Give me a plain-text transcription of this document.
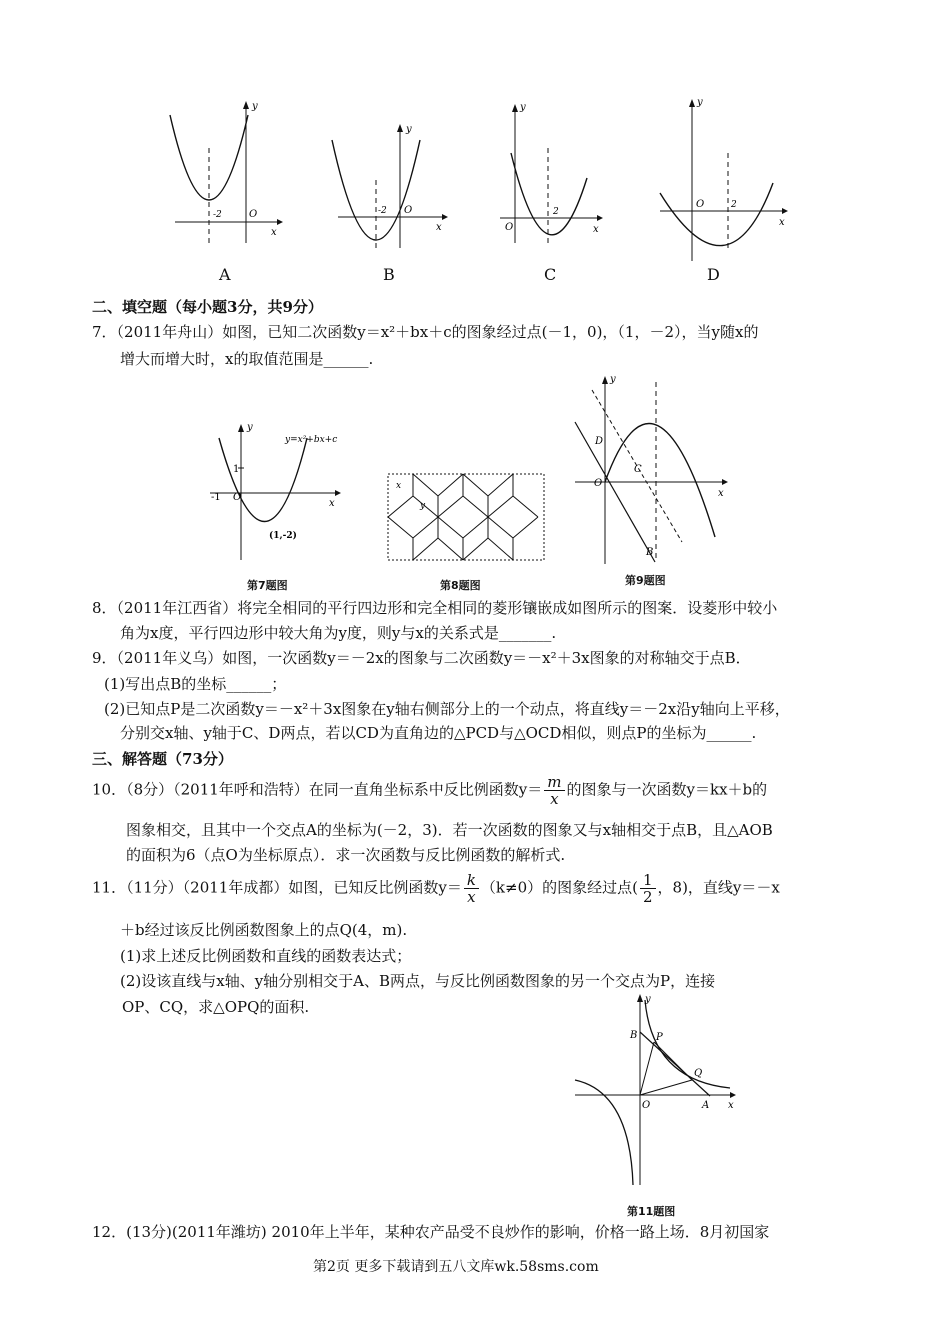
y
x
O
-2
A
y
x
O
-2
B
y
x
O
2
C
y
x
O	2
D
二、填空题（每小题3分，共9分）
7．（2011年舟山）如图，已知二次函数y＝x²＋bx＋c的图象经过点(－1，0)，（1，－2），当y随x的
增大而增大时，x的取值范围是______.
y
x
O
1
-1
y=x²+bx+c
(1,-2)
第7题图
x
y
第8题图
y
x
O
D
C
B
第9题图
8．（2011年江西省）将完全相同的平行四边形和完全相同的菱形镶嵌成如图所示的图案．设菱形中较小
角为x度，平行四边形中较大角为y度，则y与x的关系式是_______.
9．（2011年义乌）如图，一次函数y＝－2x的图象与二次函数y＝－x²＋3x图象的对称轴交于点B．
(1)写出点B的坐标______；
(2)已知点P是二次函数y＝－x²＋3x图象在y轴右侧部分上的一个动点，将直线y＝－2x沿y轴向上平移，
分别交x轴、y轴于C、D两点，若以CD为直角边的△PCD与△OCD相似，则点P的坐标为______.
三、解答题（73分）
10．（8分）（2011年呼和浩特）在同一直角坐标系中反比例函数$y= \frac{m}{x}$ 的图象与一次函数y＝kx＋b的
图象相交，且其中一个交点A的坐标为(－2，3)．若一次函数的图象又与x轴相交于点B，且△AOB
的面积为6（点O为坐标原点）．求一次函数与反比例函数的解析式.
11．（11分）（2011年成都）如图，已知反比例函数$y= \frac{k}{x} (k\ne 0)$的图象经过点( $\frac{1}{2}$ ，8)，直线y＝－x
＋b经过该反比例函数图象上的点Q(4，m).
(1)求上述反比例函数和直线的函数表达式；
(2)设该直线与x轴、y轴分别相交于A、B两点，与反比例函数图象的另一个交点为P，连接
OP、CQ，求△OPQ的面积.	y
x
B P
Q
O	A
第11题图
12．(13分)(2011年潍坊) 2010年上半年，某种农产品受不良炒作的影响，价格一路上场．8月初国家
第2页 更多下载请到五八文库wk.58sms.com
